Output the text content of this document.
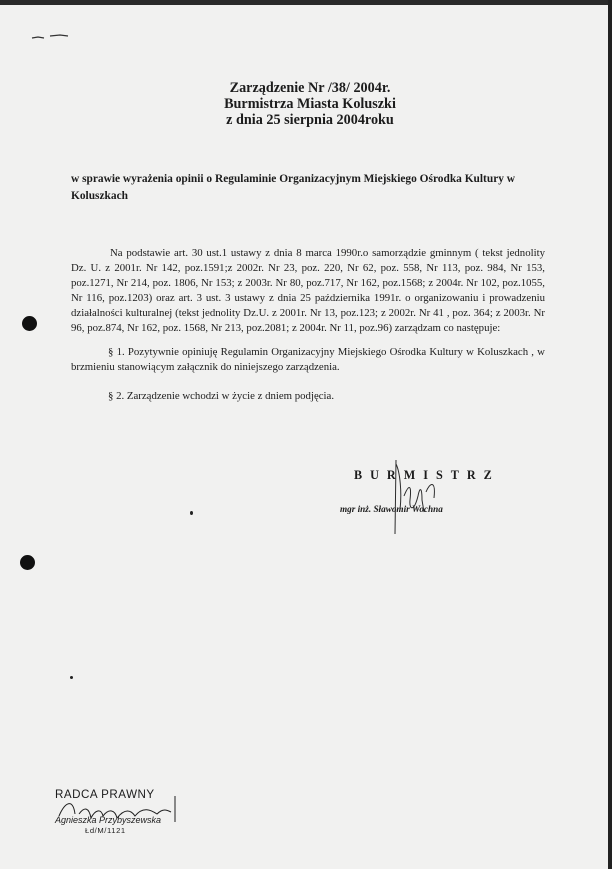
Zarządzenie Nr /38/ 2004r.
Burmistrza Miasta Koluszki
z dnia 25 sierpnia 2004roku
w sprawie wyrażenia opinii o Regulaminie Organizacyjnym Miejskiego Ośrodka Kultury w Koluszkach
Na podstawie art. 30 ust.1 ustawy z dnia 8 marca 1990r.o samorządzie gminnym ( tekst jednolity Dz. U. z 2001r. Nr 142, poz.1591;z 2002r. Nr 23, poz. 220, Nr 62, poz. 558, Nr 113, poz. 984, Nr 153, poz.1271, Nr 214, poz. 1806, Nr 153; z 2003r. Nr 80, poz.717, Nr 162, poz.1568; z 2004r. Nr 102, poz.1055, Nr 116, poz.1203) oraz art. 3 ust. 3 ustawy z dnia 25 października 1991r. o organizowaniu i prowadzeniu działalności kulturalnej (tekst jednolity Dz.U. z 2001r. Nr 13, poz.123; z 2002r. Nr 41 , poz. 364; z 2003r. Nr 96, poz.874, Nr 162, poz. 1568, Nr 213, poz.2081; z 2004r. Nr 11, poz.96) zarządzam co następuje:
§ 1. Pozytywnie opiniuję Regulamin Organizacyjny Miejskiego Ośrodka Kultury w Koluszkach , w brzmieniu stanowiącym załącznik do niniejszego zarządzenia.
§ 2. Zarządzenie wchodzi w życie z dniem podjęcia.
BURMISTRZ
mgr inż. Sławomir Wochna
RADCA PRAWNY
Agnieszka Przybyszewska
Łd/M/1121
